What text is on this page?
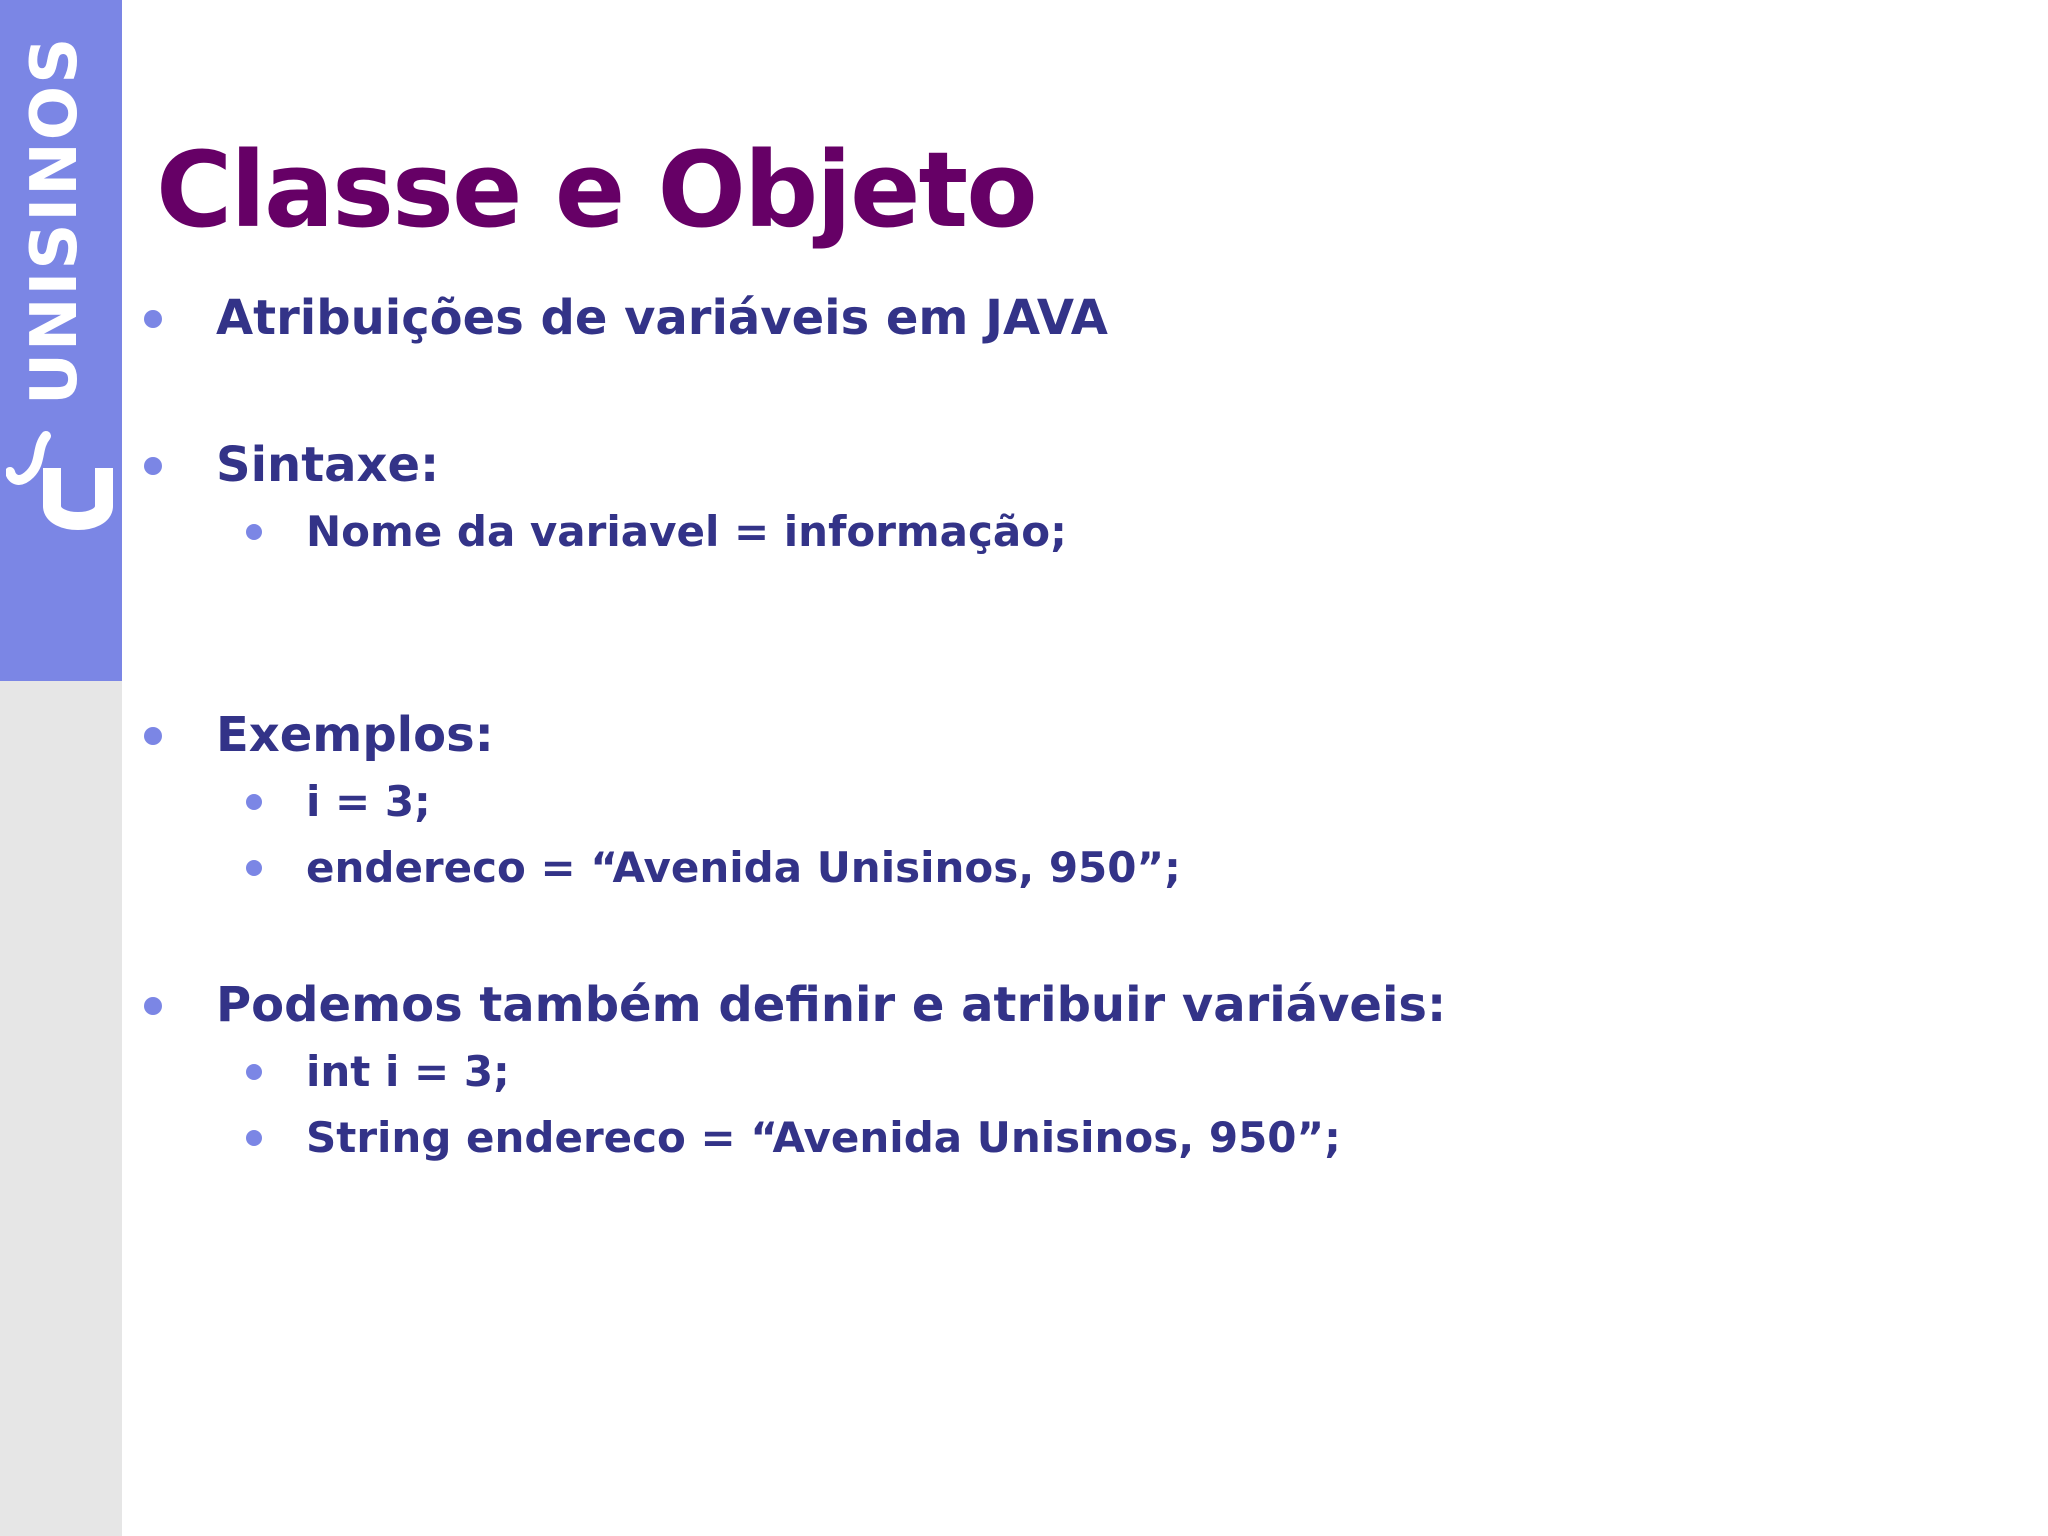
UNISINOS Classe e Objeto
Atribuições de variáveis em JAVA
Sintaxe:
Nome da variavel = informação;
Exemplos:
i = 3;
endereco = “Avenida Unisinos, 950”;
Podemos também definir e atribuir variáveis:
int i = 3;
String endereco = “Avenida Unisinos, 950”;
